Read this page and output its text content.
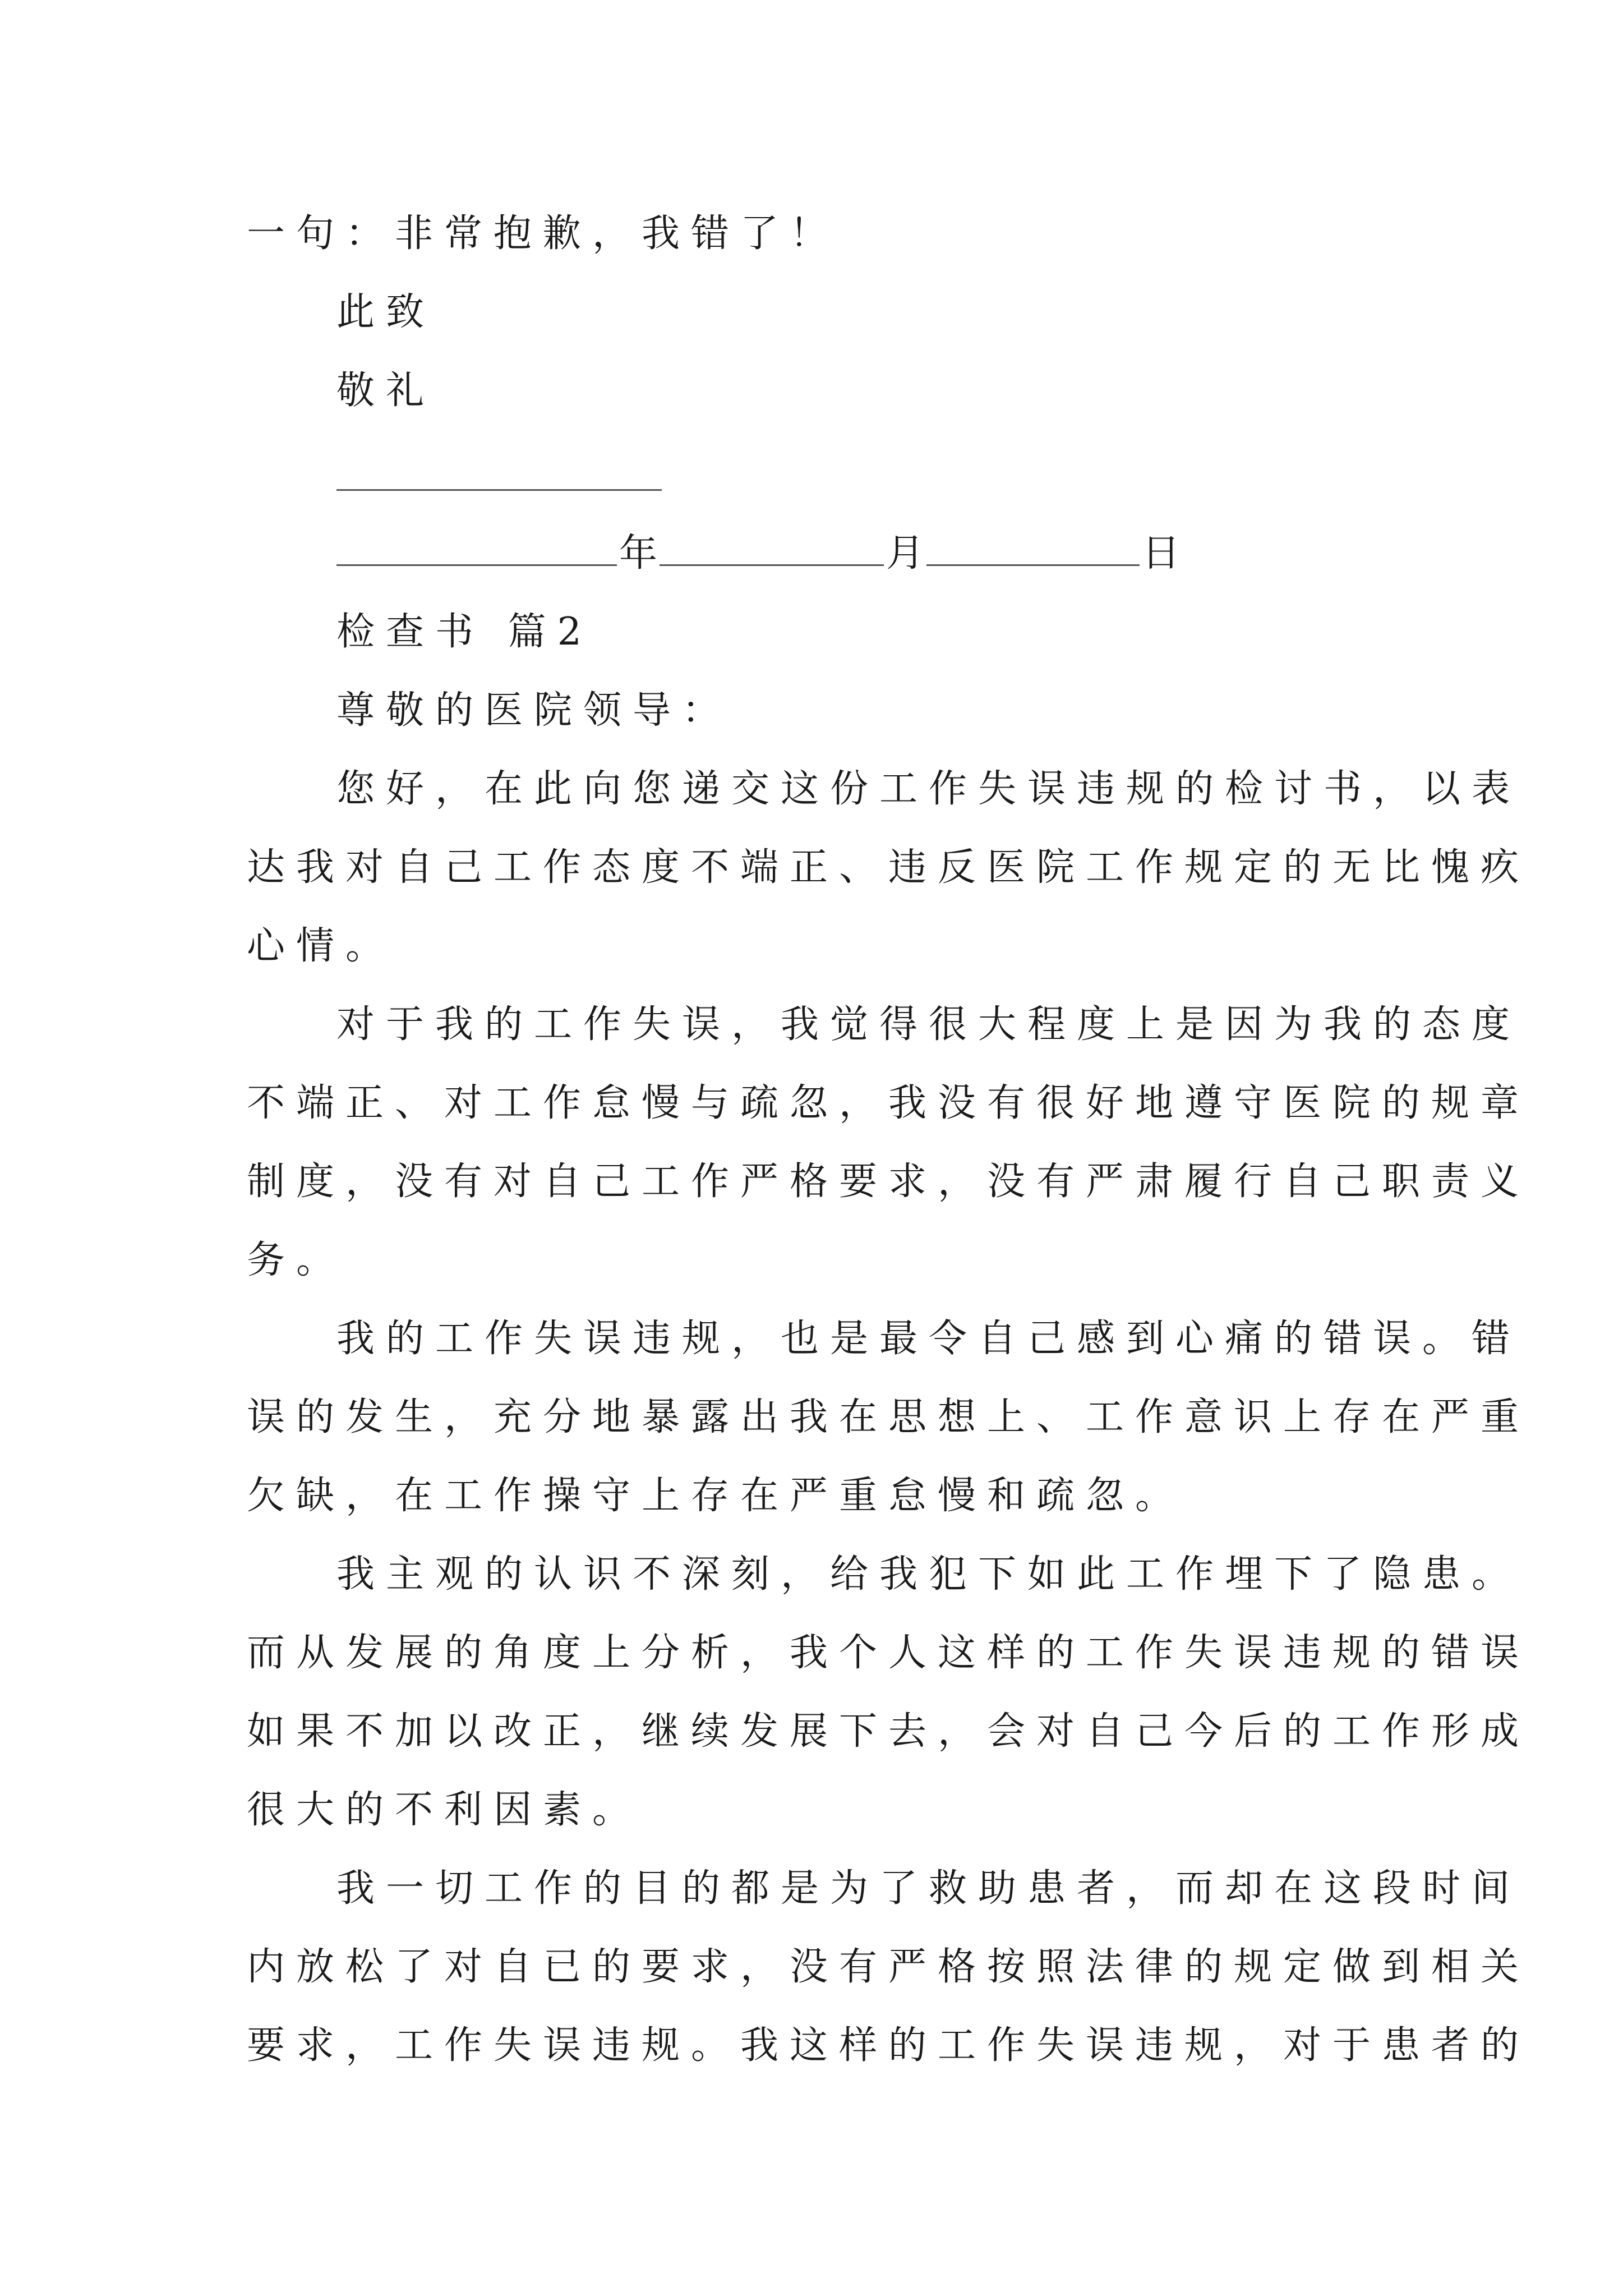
一句：非常抱歉，我错了！
此致
敬礼
年	月	日
检查书 篇2
尊敬的医院领导：
您好，在此向您递交这份工作失误违规的检讨书，以表
达我对自己工作态度不端正、违反医院工作规定的无比愧疚
心情。
对于我的工作失误，我觉得很大程度上是因为我的态度
不端正、对工作怠慢与疏忽，我没有很好地遵守医院的规章
制度，没有对自己工作严格要求，没有严肃履行自己职责义
务。
我的工作失误违规，也是最令自己感到心痛的错误。错
误的发生，充分地暴露出我在思想上、工作意识上存在严重
欠缺，在工作操守上存在严重怠慢和疏忽。
我主观的认识不深刻，给我犯下如此工作埋下了隐患。
而从发展的角度上分析，我个人这样的工作失误违规的错误
如果不加以改正，继续发展下去，会对自己今后的工作形成
很大的不利因素。
我一切工作的目的都是为了救助患者，而却在这段时间
内放松了对自已的要求，没有严格按照法律的规定做到相关
要求，工作失误违规。我这样的工作失误违规，对于患者的
